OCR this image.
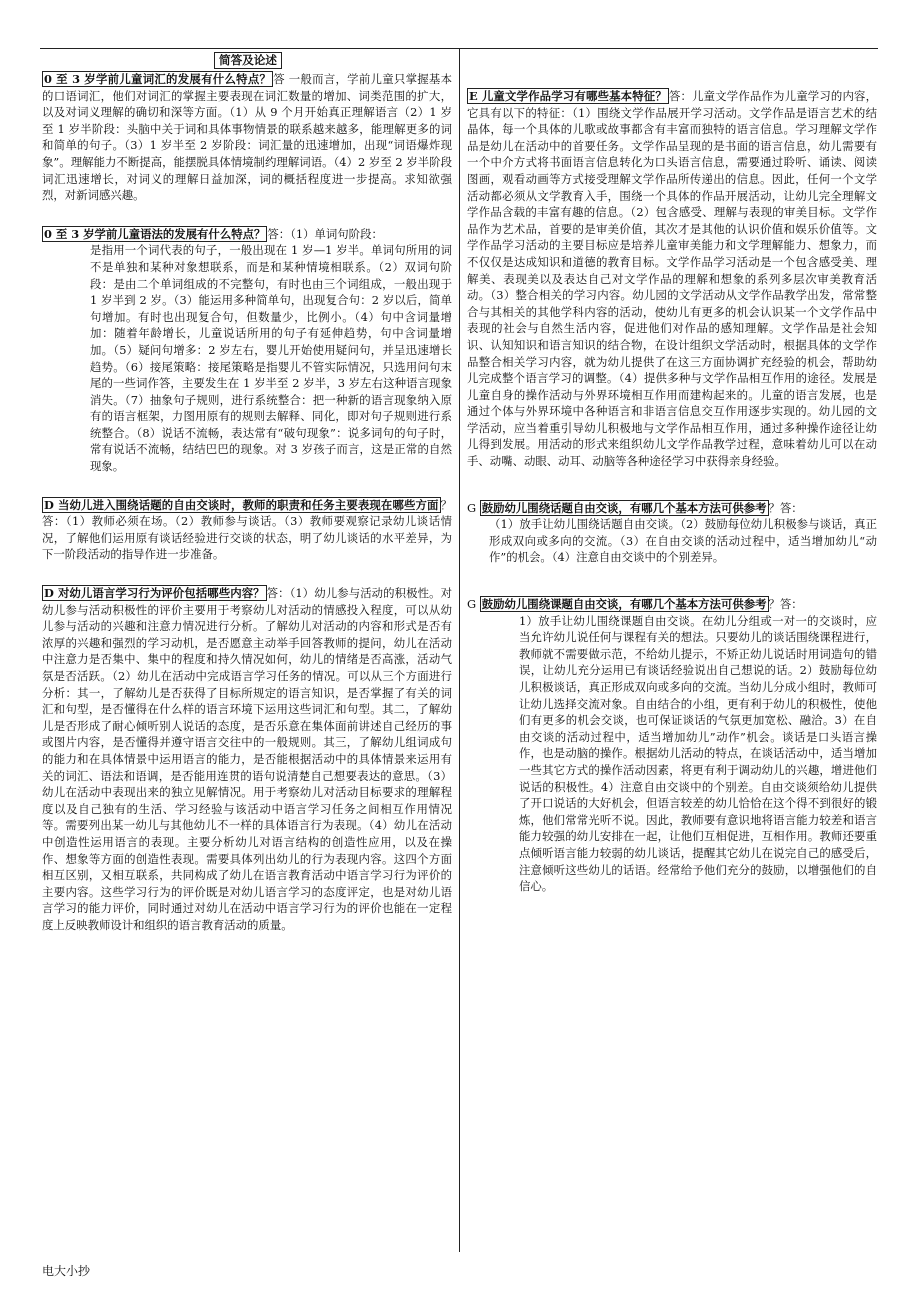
简答及论述
0 至 3 岁学前儿童词汇的发展有什么特点？ 答 一般而言，学前儿童只掌握基本的口语词汇，他们对词汇的掌握主要表现在词汇数量的增加、词类范围的扩大，以及对词义理解的确切和深等方面。（1）从 9 个月开始真正理解语言（2）1 岁至 1 岁半阶段：头脑中关于词和具体事物情景的联系越来越多，能理解更多的词和简单的句子。（3）1 岁半至 2 岁阶段：词汇量的迅速增加，出现“词语爆炸现象”。理解能力不断提高，能摆脱具体情境制约理解词语。（4）2 岁至 2 岁半阶段词汇迅速增长，对词义的理解日益加深，词的概括程度进一步提高。求知欲强烈，对新词感兴趣。
0 至 3 岁学前儿童语法的发展有什么特点？ 答：（1）单词句阶段：
是指用一个词代表的句子，一般出现在 1 岁—1 岁半。单词句所用的词不是单独和某种对象想联系，而是和某种情境相联系。（2）双词句阶段：是由二个单词组成的不完整句，有时也由三个词组成，一般出现于 1 岁半到 2 岁。（3）能运用多种简单句，出现复合句：2 岁以后，简单句增加。有时也出现复合句，但数量少，比例小。（4）句中含词量增加：随着年龄增长，儿童说话所用的句子有延伸趋势，句中含词量增加。（5）疑问句增多：2 岁左右，婴儿开始使用疑问句，并呈迅速增长趋势。（6）接尾策略：接尾策略是指婴儿不管实际情况，只选用问句末尾的一些词作答，主要发生在 1 岁半至 2 岁半，3 岁左右这种语言现象消失。（7）抽象句子规则，进行系统整合：把一种新的语言现象纳入原有的语言框架，力图用原有的规则去解释、同化，即对句子规则进行系统整合。（8）说话不流畅，表达常有“破句现象”：说多词句的句子时，常有说话不流畅，结结巴巴的现象。对 3 岁孩子而言，这是正常的自然现象。
D 当幼儿进入围绕话题的自由交谈时，教师的职责和任务主要表现在哪些方面 ？答：（1）教师必须在场。（2）教师参与谈话。（3）教师要观察记录幼儿谈话情况，了解他们运用原有谈话经验进行交谈的状态，明了幼儿谈话的水平差异，为下一阶段活动的指导作进一步准备。
D 对幼儿语言学习行为评价包括哪些内容？ 答：（1）幼儿参与活动的积极性。对幼儿参与活动积极性的评价主要用于考察幼儿对活动的情感投入程度，可以从幼儿参与活动的兴趣和注意力情况进行分析。了解幼儿对活动的内容和形式是否有浓厚的兴趣和强烈的学习动机，是否愿意主动举手回答教师的提问，幼儿在活动中注意力是否集中、集中的程度和持久情况如何，幼儿的情绪是否高涨，活动气氛是否活跃。（2）幼儿在活动中完成语言学习任务的情况。可以从三个方面进行分析：其一，了解幼儿是否获得了目标所规定的语言知识，是否掌握了有关的词汇和句型，是否懂得在什么样的语言环境下运用这些词汇和句型。其二，了解幼儿是否形成了耐心倾听别人说话的态度，是否乐意在集体面前讲述自己经历的事或图片内容，是否懂得并遵守语言交往中的一般规则。其三，了解幼儿组词成句的能力和在具体情景中运用语言的能力，是否能根据活动中的具体情景来运用有关的词汇、语法和语调，是否能用连贯的语句说清楚自己想要表达的意思。（3）幼儿在活动中表现出来的独立见解情况。用于考察幼儿对活动目标要求的理解程度以及自己独有的生活、学习经验与该活动中语言学习任务之间相互作用情况等。需要列出某一幼儿与其他幼儿不一样的具体语言行为表现。（4）幼儿在活动中创造性运用语言的表现。主要分析幼儿对语言结构的创造性应用，以及在操作、想象等方面的创造性表现。需要具体列出幼儿的行为表现内容。这四个方面相互区别，又相互联系，共同构成了幼儿在语言教育活动中语言学习行为评价的主要内容。这些学习行为的评价既是对幼儿语言学习的态度评定，也是对幼儿语言学习的能力评价，同时通过对幼儿在活动中语言学习行为的评价也能在一定程度上反映教师设计和组织的语言教育活动的质量。
E 儿童文学作品学习有哪些基本特征？ 答：儿童文学作品作为儿童学习的内容，它具有以下的特征：（1）围绕文学作品展开学习活动。文学作品是语言艺术的结晶体，每一个具体的儿歌或故事都含有丰富而独特的语言信息。学习理解文学作品是幼儿在活动中的首要任务。文学作品呈现的是书面的语言信息，幼儿需要有一个中介方式将书面语言信息转化为口头语言信息，需要通过聆听、诵读、阅读图画，观看动画等方式接受理解文学作品所传递出的信息。因此，任何一个文学活动都必须从文学教育入手，围绕一个具体的作品开展活动，让幼儿完全理解文学作品含载的丰富有趣的信息。（2）包含感受、理解与表现的审美目标。文学作品作为艺术品，首要的是审美价值，其次才是其他的认识价值和娱乐价值等。文学作品学习活动的主要目标应是培养儿童审美能力和文学理解能力、想象力，而不仅仅是达成知识和道德的教育目标。文学作品学习活动是一个包含感受美、理解美、表现美以及表达自己对文学作品的理解和想象的系列多层次审美教育活动。（3）整合相关的学习内容。幼儿园的文学活动从文学作品教学出发，常常整合与其相关的其他学科内容的活动，使幼儿有更多的机会认识某一个文学作品中表现的社会与自然生活内容，促进他们对作品的感知理解。文学作品是社会知识、认知知识和语言知识的结合物，在设计组织文学活动时，根据具体的文学作品整合相关学习内容，就为幼儿提供了在这三方面协调扩充经验的机会，帮助幼儿完成整个语言学习的调整。（4）提供多种与文学作品相互作用的途径。发展是儿童自身的操作活动与外界环境相互作用而建构起来的。儿童的语言发展，也是通过个体与外界环境中各种语言和非语言信息交互作用逐步实现的。幼儿园的文学活动，应当着重引导幼儿积极地与文学作品相互作用，通过多种操作途径让幼儿得到发展。用活动的形式来组织幼儿文学作品教学过程，意味着幼儿可以在动手、动嘴、动眼、动耳、动脑等各种途径学习中获得亲身经验。
G 鼓励幼儿围绕话题自由交谈，有哪几个基本方法可供参考 ？答：
（1）放手让幼儿围绕话题自由交谈。（2）鼓励每位幼儿积极参与谈话，真正形成双向或多向的交流。（3）在自由交谈的活动过程中，适当增加幼儿“动作”的机会。（4）注意自由交谈中的个别差异。
G 鼓励幼儿围绕课题自由交谈，有哪几个基本方法可供参考 ？答：
1）放手让幼儿围绕课题自由交谈。在幼儿分组或一对一的交谈时，应当允许幼儿说任何与课程有关的想法。只要幼儿的谈话围绕课程进行，教师就不需要做示范，不给幼儿提示，不矫正幼儿说话时用词造句的错误，让幼儿充分运用已有谈话经验说出自己想说的话。2）鼓励每位幼儿积极谈话，真正形成双向或多向的交流。当幼儿分成小组时，教师可让幼儿选择交流对象。自由结合的小组，更有利于幼儿的积极性，使他们有更多的机会交谈，也可保证谈话的气氛更加宽松、融洽。3）在自由交谈的活动过程中，适当增加幼儿”动作”机会。谈话是口头语言操作，也是动脑的操作。根据幼儿活动的特点，在谈话活动中，适当增加一些其它方式的操作活动因素，将更有利于调动幼儿的兴趣，增进他们说话的积极性。4）注意自由交谈中的个别差。自由交谈须给幼儿提供了开口说话的大好机会，但语言较差的幼儿恰恰在这个得不到很好的锻炼，他们常常光听不说。因此，教师要有意识地将语言能力较差和语言能力较强的幼儿安排在一起，让他们互相促进，互相作用。教师还要重点倾听语言能力较弱的幼儿谈话，提醒其它幼儿在说完自己的感受后，注意倾听这些幼儿的话语。经常给予他们充分的鼓励，以增强他们的自信心。
电大小抄
